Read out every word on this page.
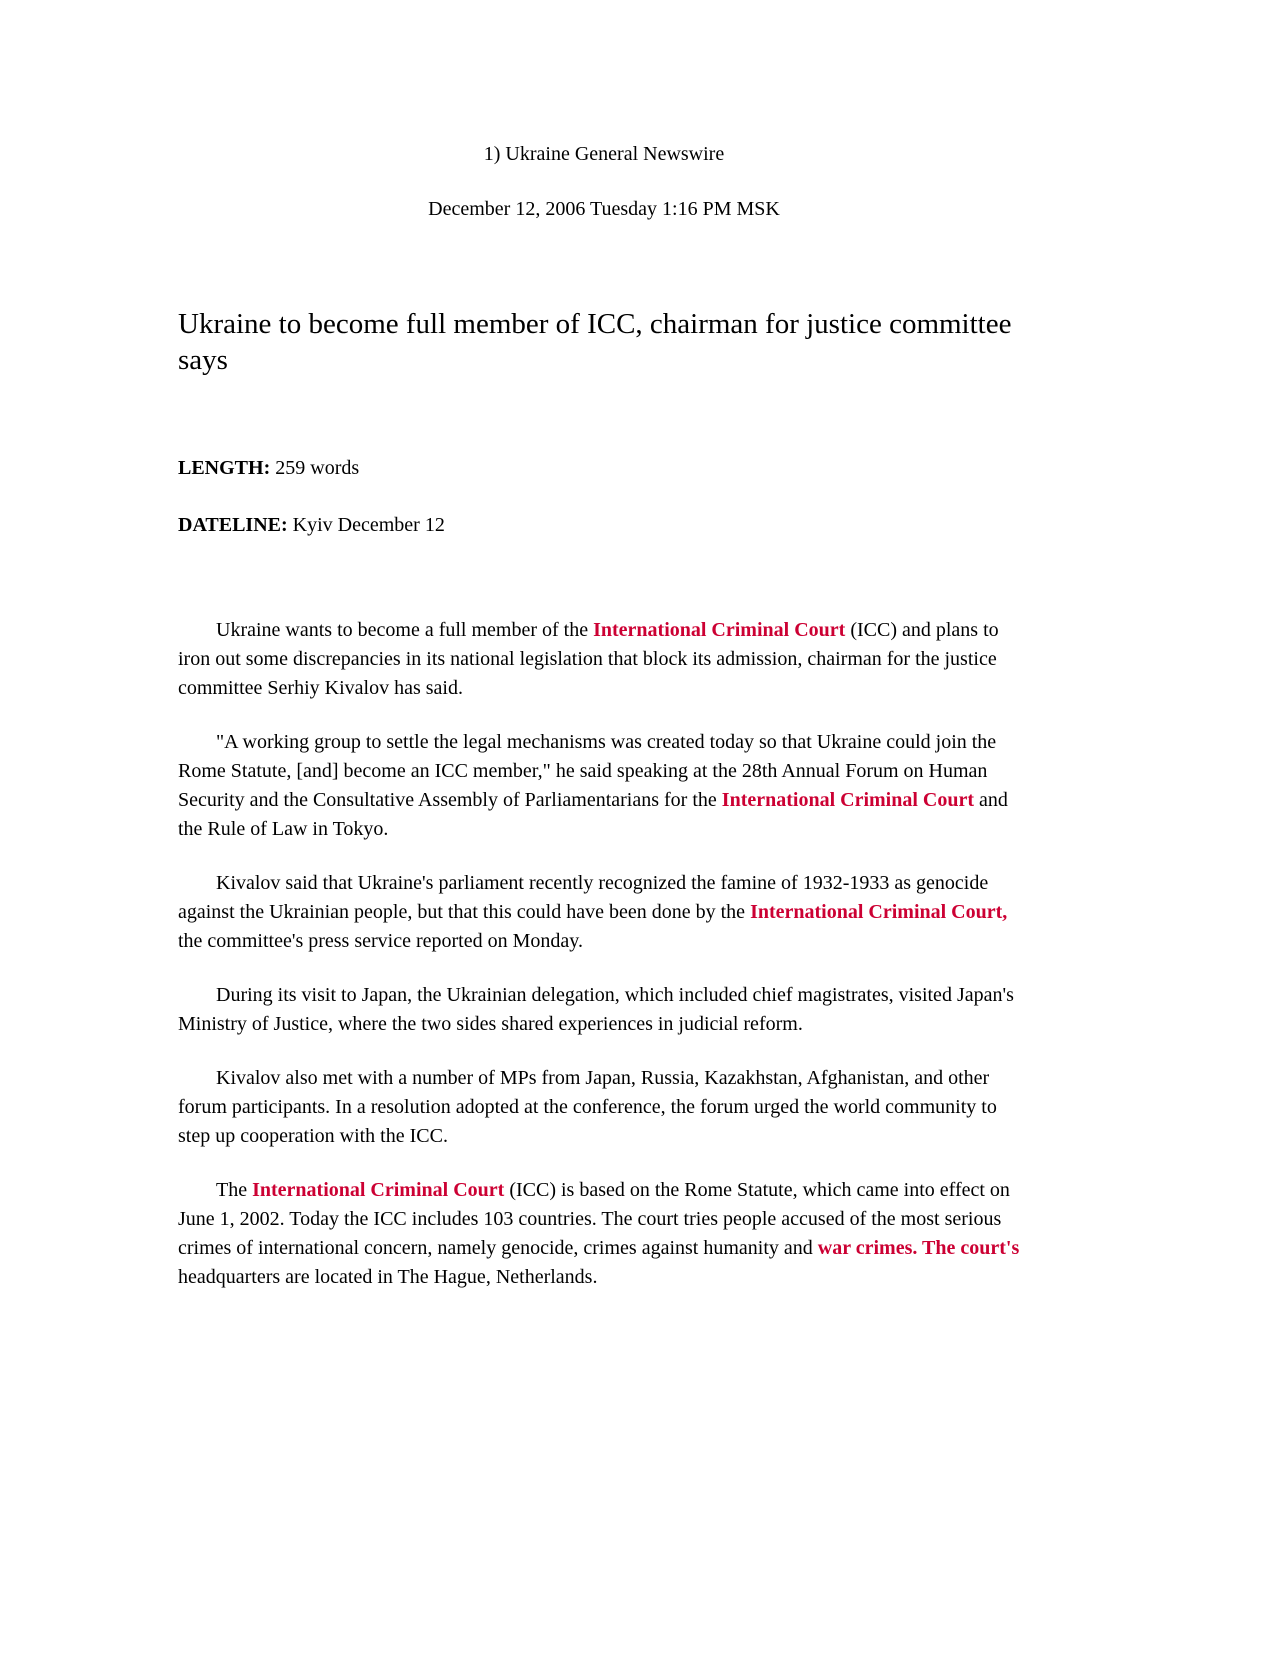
1) Ukraine General Newswire

December 12, 2006 Tuesday 1:16 PM MSK

Ukraine to become full member of ICC, chairman for justice committee says

LENGTH: 259 words

DATELINE: Kyiv December 12

Ukraine wants to become a full member of the International Criminal Court (ICC) and plans to iron out some discrepancies in its national legislation that block its admission, chairman for the justice committee Serhiy Kivalov has said.

"A working group to settle the legal mechanisms was created today so that Ukraine could join the Rome Statute, [and] become an ICC member," he said speaking at the 28th Annual Forum on Human Security and the Consultative Assembly of Parliamentarians for the International Criminal Court and the Rule of Law in Tokyo.

Kivalov said that Ukraine's parliament recently recognized the famine of 1932-1933 as genocide against the Ukrainian people, but that this could have been done by the International Criminal Court, the committee's press service reported on Monday.

During its visit to Japan, the Ukrainian delegation, which included chief magistrates, visited Japan's Ministry of Justice, where the two sides shared experiences in judicial reform.

Kivalov also met with a number of MPs from Japan, Russia, Kazakhstan, Afghanistan, and other forum participants. In a resolution adopted at the conference, the forum urged the world community to step up cooperation with the ICC.

The International Criminal Court (ICC) is based on the Rome Statute, which came into effect on June 1, 2002. Today the ICC includes 103 countries. The court tries people accused of the most serious crimes of international concern, namely genocide, crimes against humanity and war crimes. The court's headquarters are located in The Hague, Netherlands.
